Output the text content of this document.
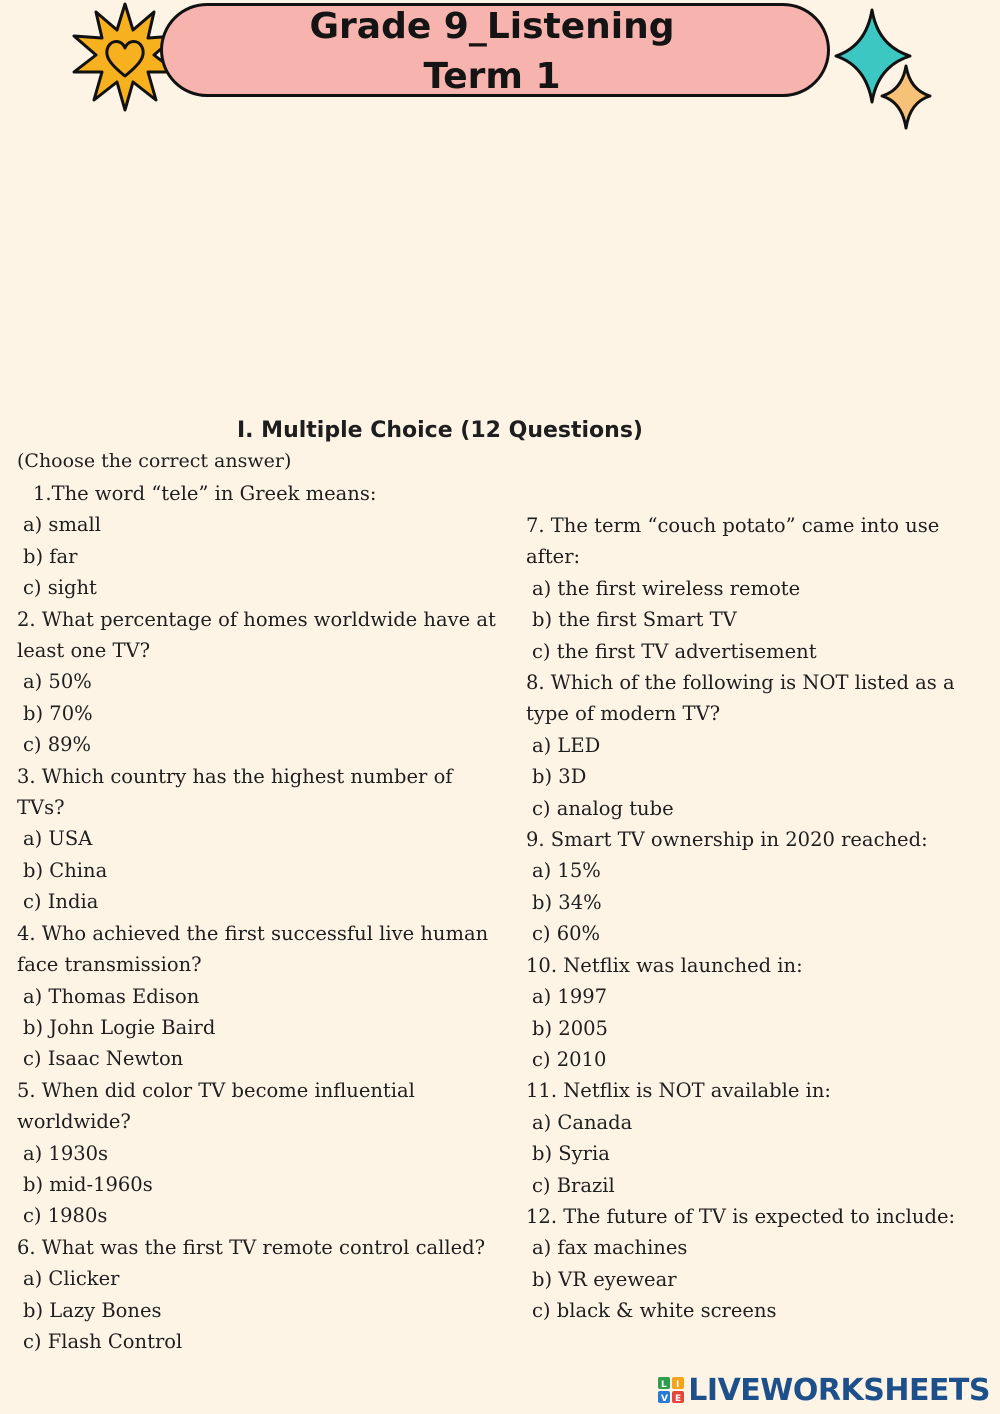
Grade 9_Listening
Term 1
I. Multiple Choice (12 Questions)
(Choose the correct answer)

1.The word “tele” in Greek means:

a) small

b) far

c) sight

2. What percentage of homes worldwide have at least one TV?

a) 50%

b) 70%

c) 89%

3. Which country has the highest number of TVs?

a) USA

b) China

c) India

4. Who achieved the first successful live human face transmission?

a) Thomas Edison

b) John Logie Baird

c) Isaac Newton

5. When did color TV become influential worldwide?

a) 1930s

b) mid-1960s

c) 1980s

6. What was the first TV remote control called?

a) Clicker

b) Lazy Bones

c) Flash Control

7. The term “couch potato” came into use after:

a) the first wireless remote

b) the first Smart TV

c) the first TV advertisement

8. Which of the following is NOT listed as a type of modern TV?

a) LED

b) 3D

c) analog tube

9. Smart TV ownership in 2020 reached:

a) 15%

b) 34%

c) 60%

10. Netflix was launched in:

a) 1997

b) 2005

c) 2010

11. Netflix is NOT available in:

a) Canada

b) Syria

c) Brazil

12. The future of TV is expected to include:

a) fax machines

b) VR eyewear

c) black & white screens

L I
V E LIVEWORKSHEETS
